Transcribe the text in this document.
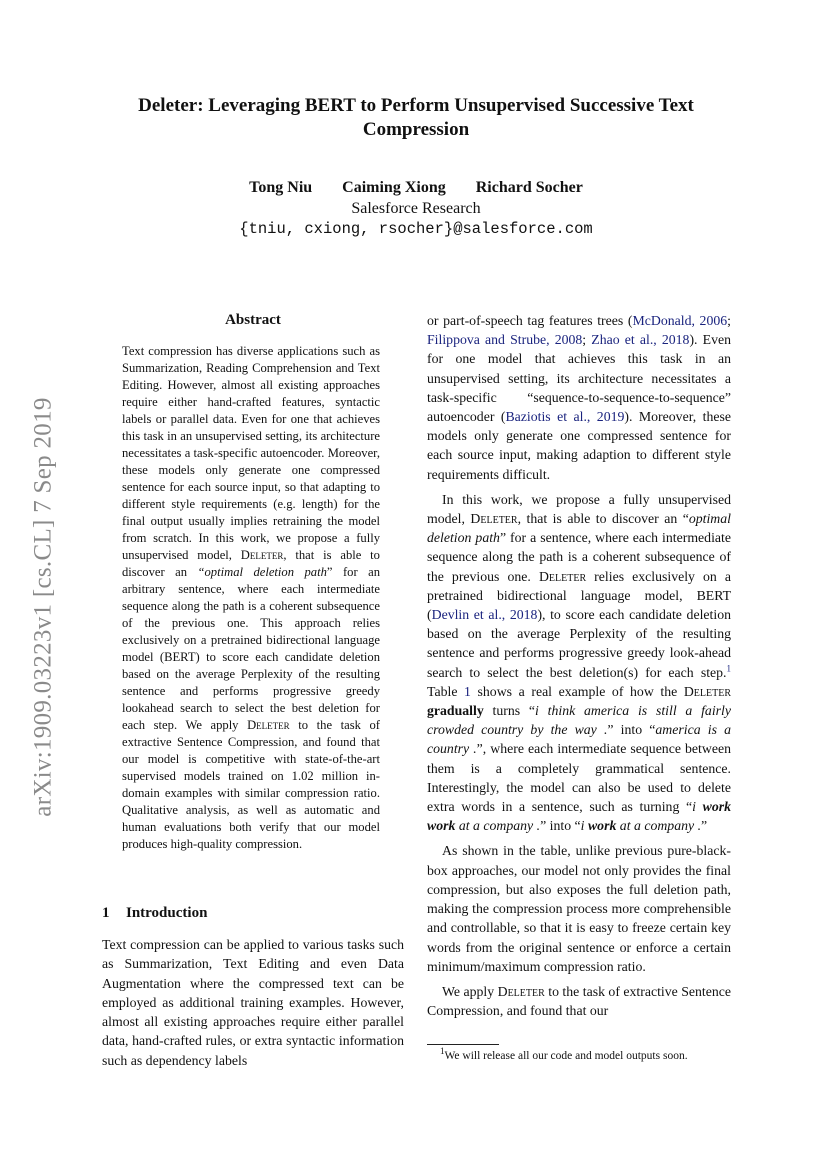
arXiv:1909.03223v1 [cs.CL] 7 Sep 2019
Deleter: Leveraging BERT to Perform Unsupervised Successive Text
Compression
Tong Niu Caiming Xiong Richard Socher
Salesforce Research
{tniu, cxiong, rsocher}@salesforce.com
Abstract

Text compression has diverse applications such as Summarization, Reading Comprehension and Text Editing. However, almost all existing approaches require either hand-crafted features, syntactic labels or parallel data. Even for one that achieves this task in an unsupervised setting, its architecture necessitates a task-specific autoencoder. Moreover, these models only generate one compressed sentence for each source input, so that adapting to different style requirements (e.g. length) for the final output usually implies retraining the model from scratch. In this work, we propose a fully unsupervised model, Deleter, that is able to discover an “optimal deletion path” for an arbitrary sentence, where each intermediate sequence along the path is a coherent subsequence of the previous one. This approach relies exclusively on a pretrained bidirectional language model (BERT) to score each candidate deletion based on the average Perplexity of the resulting sentence and performs progressive greedy lookahead search to select the best deletion for each step. We apply Deleter to the task of extractive Sentence Compression, and found that our model is competitive with state-of-the-art supervised models trained on 1.02 million in-domain examples with similar compression ratio. Qualitative analysis, as well as automatic and human evaluations both verify that our model produces high-quality compression.

1 Introduction

Text compression can be applied to various tasks such as Summarization, Text Editing and even Data Augmentation where the compressed text can be employed as additional training examples. However, almost all existing approaches require either parallel data, hand-crafted rules, or extra syntactic information such as dependency labels

or part-of-speech tag features trees (McDonald, 2006; Filippova and Strube, 2008; Zhao et al., 2018). Even for one model that achieves this task in an unsupervised setting, its architecture necessitates a task-specific “sequence-to-sequence-to-sequence” autoencoder (Baziotis et al., 2019). Moreover, these models only generate one compressed sentence for each source input, making adaption to different style requirements difficult.

In this work, we propose a fully unsupervised model, Deleter, that is able to discover an “optimal deletion path” for a sentence, where each intermediate sequence along the path is a coherent subsequence of the previous one. Deleter relies exclusively on a pretrained bidirectional language model, BERT (Devlin et al., 2018), to score each candidate deletion based on the average Perplexity of the resulting sentence and performs progressive greedy look-ahead search to select the best deletion(s) for each step.$^1$ Table 1 shows a real example of how the Deleter gradually turns “i think america is still a fairly crowded country by the way .” into “america is a country .”, where each intermediate sequence between them is a completely grammatical sentence. Interestingly, the model can also be used to delete extra words in a sentence, such as turning “i work work at a company .” into “i work at a company .”

As shown in the table, unlike previous pure-black-box approaches, our model not only provides the final compression, but also exposes the full deletion path, making the compression process more comprehensible and controllable, so that it is easy to freeze certain key words from the original sentence or enforce a certain minimum/maximum compression ratio.

We apply Deleter to the task of extractive Sentence Compression, and found that our

$^1$We will release all our code and model outputs soon.
